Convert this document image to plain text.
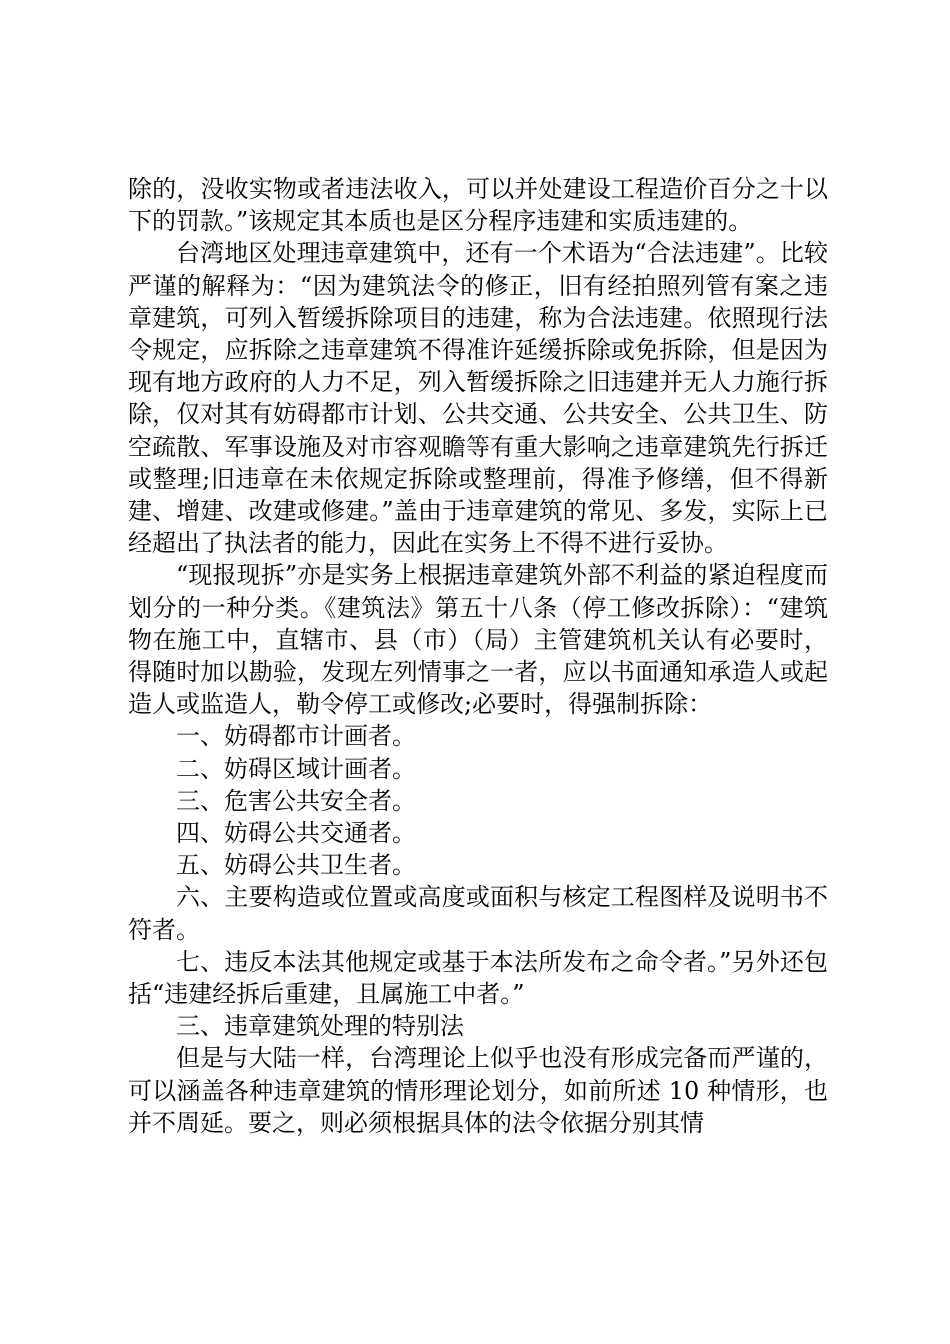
除的，没收实物或者违法收入，可以并处建设工程造价百分之十以下的罚款。”该规定其本质也是区分程序违建和实质违建的。

台湾地区处理违章建筑中，还有一个术语为“合法违建”。比较严谨的解释为：“因为建筑法令的修正，旧有经拍照列管有案之违章建筑，可列入暂缓拆除项目的违建，称为合法违建。依照现行法令规定，应拆除之违章建筑不得准许延缓拆除或免拆除，但是因为现有地方政府的人力不足，列入暂缓拆除之旧违建并无人力施行拆除，仅对其有妨碍都市计划、公共交通、公共安全、公共卫生、防空疏散、军事设施及对市容观瞻等有重大影响之违章建筑先行拆迁或整理;旧违章在未依规定拆除或整理前，得准予修缮，但不得新建、增建、改建或修建。”盖由于违章建筑的常见、多发，实际上已经超出了执法者的能力，因此在实务上不得不进行妥协。

“现报现拆”亦是实务上根据违章建筑外部不利益的紧迫程度而划分的一种分类。《建筑法》第五十八条（停工修改拆除）：“建筑物在施工中，直辖市、县（市）（局）主管建筑机关认有必要时，得随时加以勘验，发现左列情事之一者，应以书面通知承造人或起造人或监造人，勒令停工或修改;必要时，得强制拆除：

一、妨碍都市计画者。

二、妨碍区域计画者。

三、危害公共安全者。

四、妨碍公共交通者。

五、妨碍公共卫生者。

六、主要构造或位置或高度或面积与核定工程图样及说明书不符者。

七、违反本法其他规定或基于本法所发布之命令者。”另外还包括“违建经拆后重建，且属施工中者。”

三、违章建筑处理的特别法

但是与大陆一样，台湾理论上似乎也没有形成完备而严谨的，可以涵盖各种违章建筑的情形理论划分，如前所述 10 种情形，也并不周延。要之，则必须根据具体的法令依据分别其情
